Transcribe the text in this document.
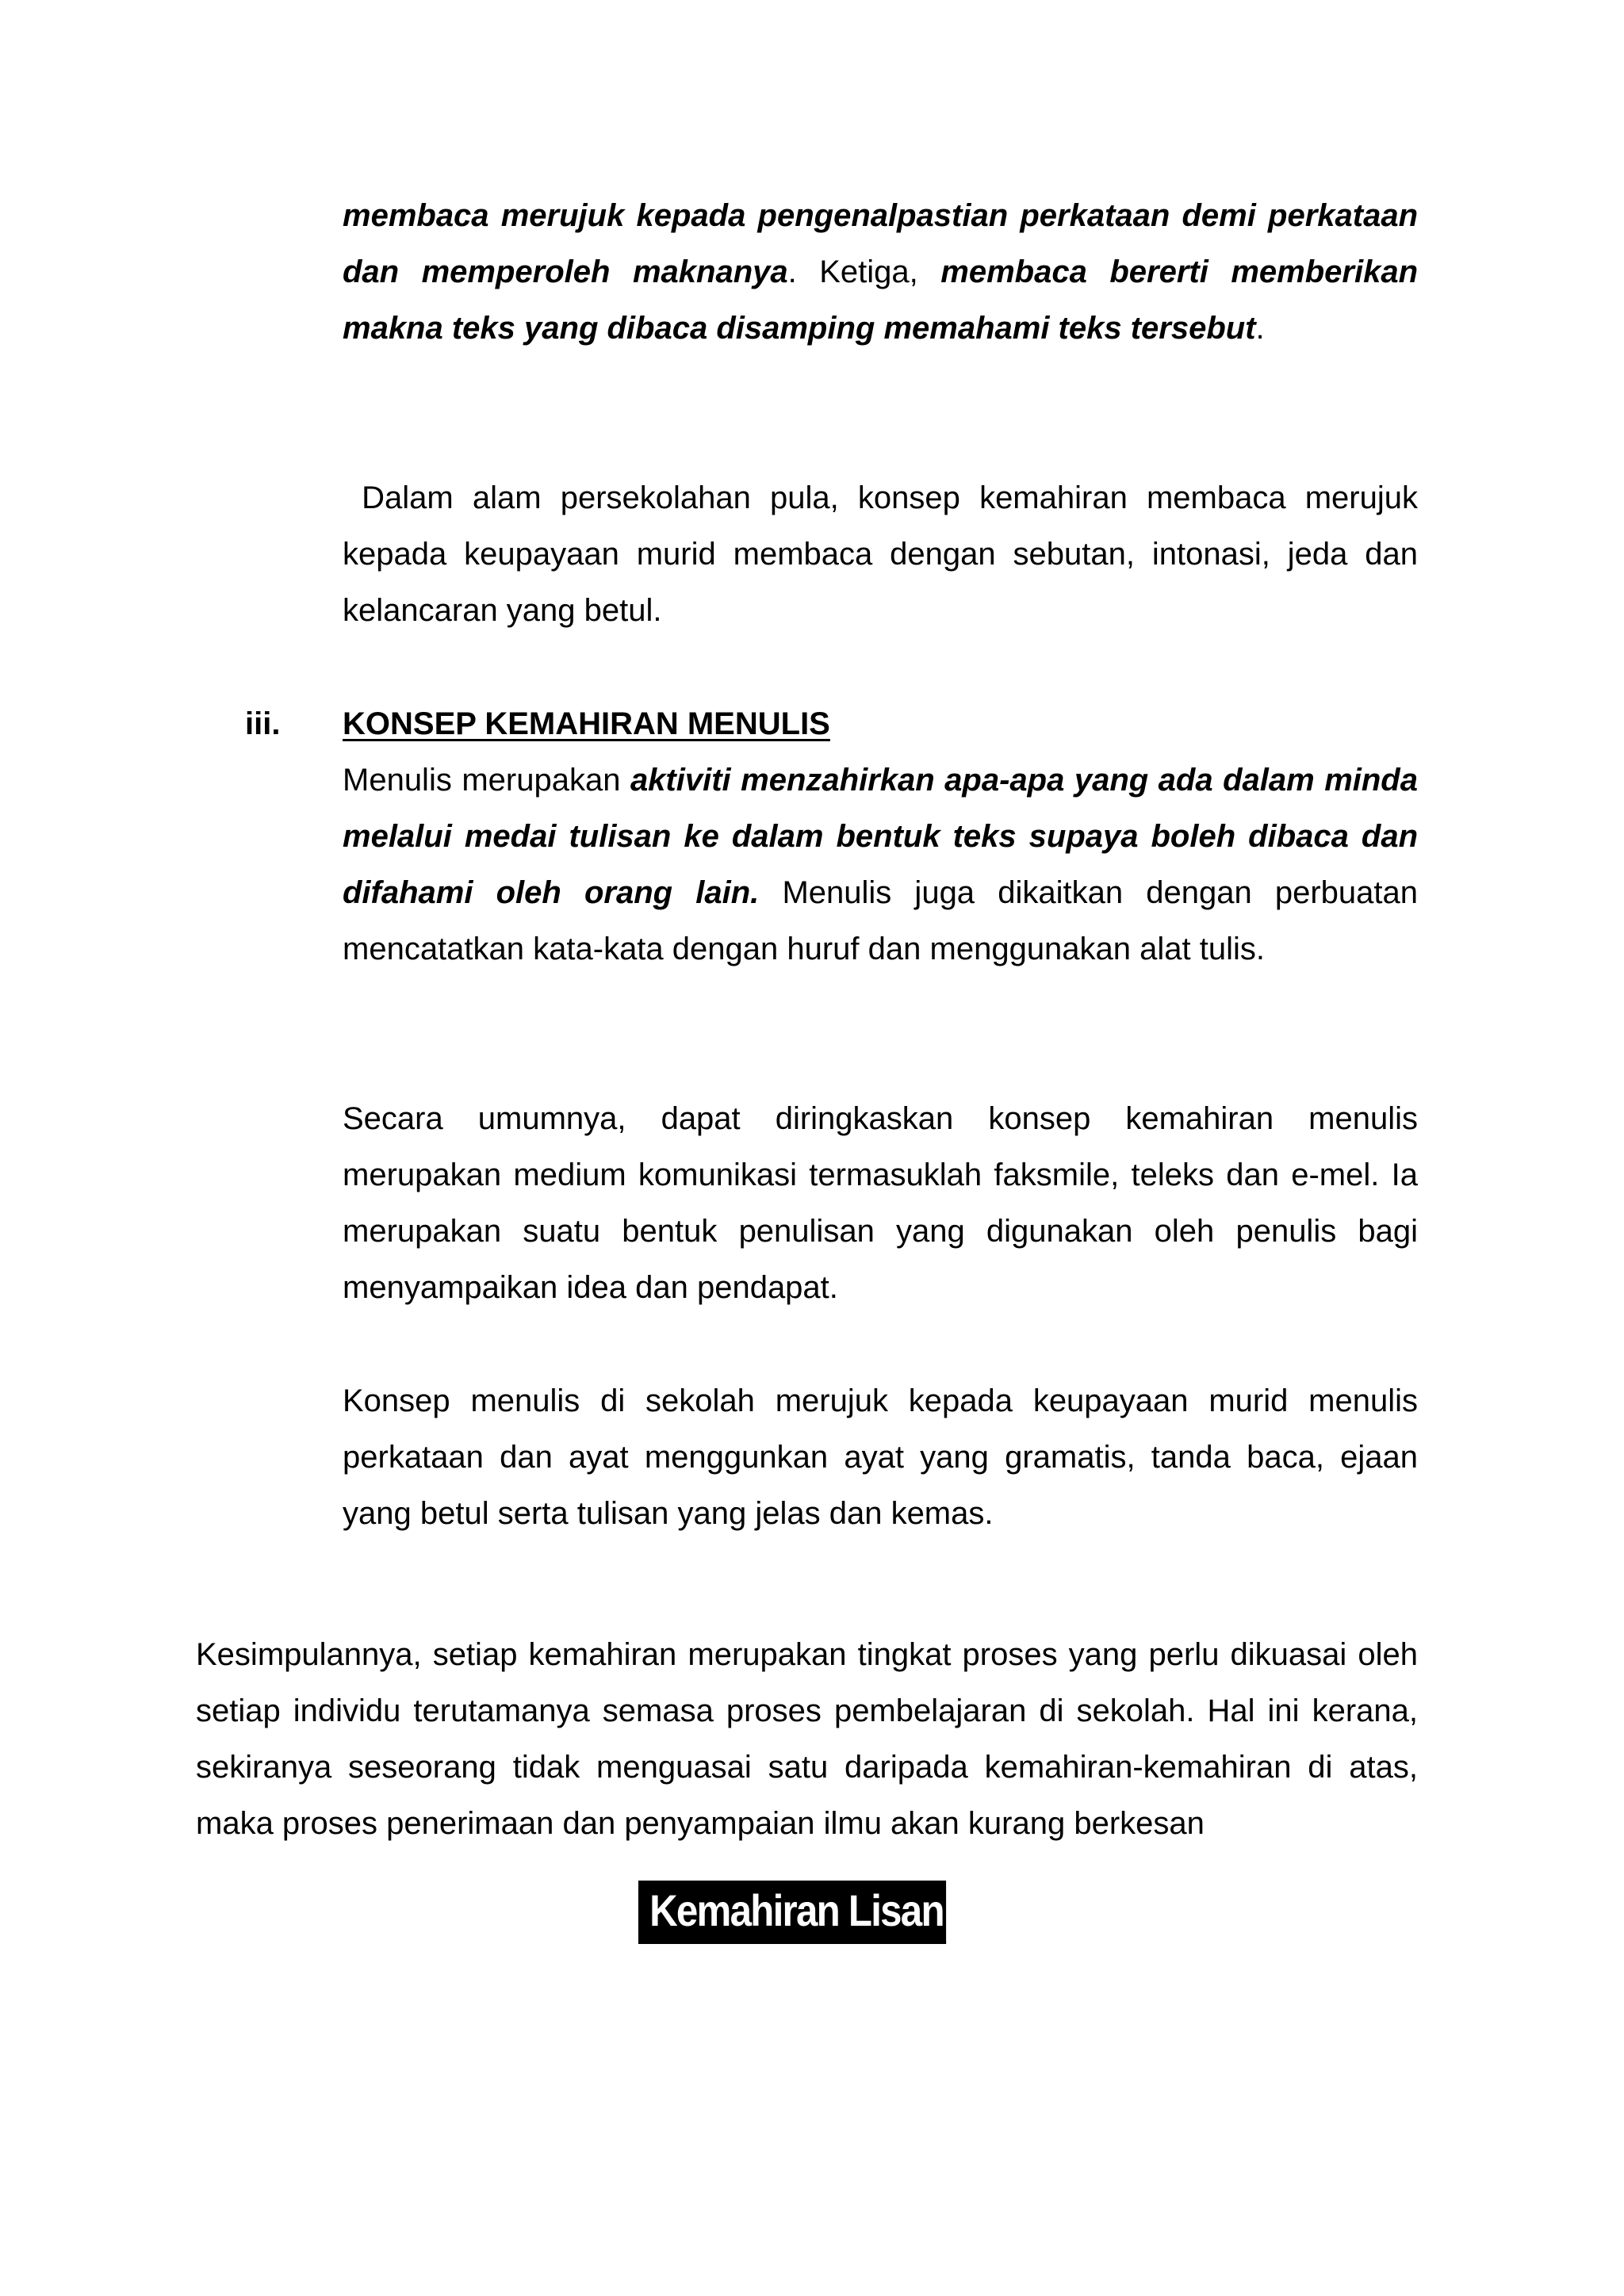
membaca merujuk kepada pengenalpastian perkataan demi perkataan dan memperoleh maknanya. Ketiga, membaca bererti memberikan makna teks yang dibaca disamping memahami teks tersebut.

Dalam alam persekolahan pula, konsep kemahiran membaca merujuk kepada keupayaan murid membaca dengan sebutan, intonasi, jeda dan kelancaran yang betul.

iii. KONSEP KEMAHIRAN MENULIS

Menulis merupakan aktiviti menzahirkan apa-apa yang ada dalam minda melalui medai tulisan ke dalam bentuk teks supaya boleh dibaca dan difahami oleh orang lain. Menulis juga dikaitkan dengan perbuatan mencatatkan kata-kata dengan huruf dan menggunakan alat tulis.

Secara umumnya, dapat diringkaskan konsep kemahiran menulis merupakan medium komunikasi termasuklah faksmile, teleks dan e-mel. Ia merupakan suatu bentuk penulisan yang digunakan oleh penulis bagi menyampaikan idea dan pendapat.

Konsep menulis di sekolah merujuk kepada keupayaan murid menulis perkataan dan ayat menggunkan ayat yang gramatis, tanda baca, ejaan yang betul serta tulisan yang jelas dan kemas.

Kesimpulannya, setiap kemahiran merupakan tingkat proses yang perlu dikuasai oleh setiap individu terutamanya semasa proses pembelajaran di sekolah. Hal ini kerana, sekiranya seseorang tidak menguasai satu daripada kemahiran-kemahiran di atas, maka proses penerimaan dan penyampaian ilmu akan kurang berkesan

Kemahiran Lisan
